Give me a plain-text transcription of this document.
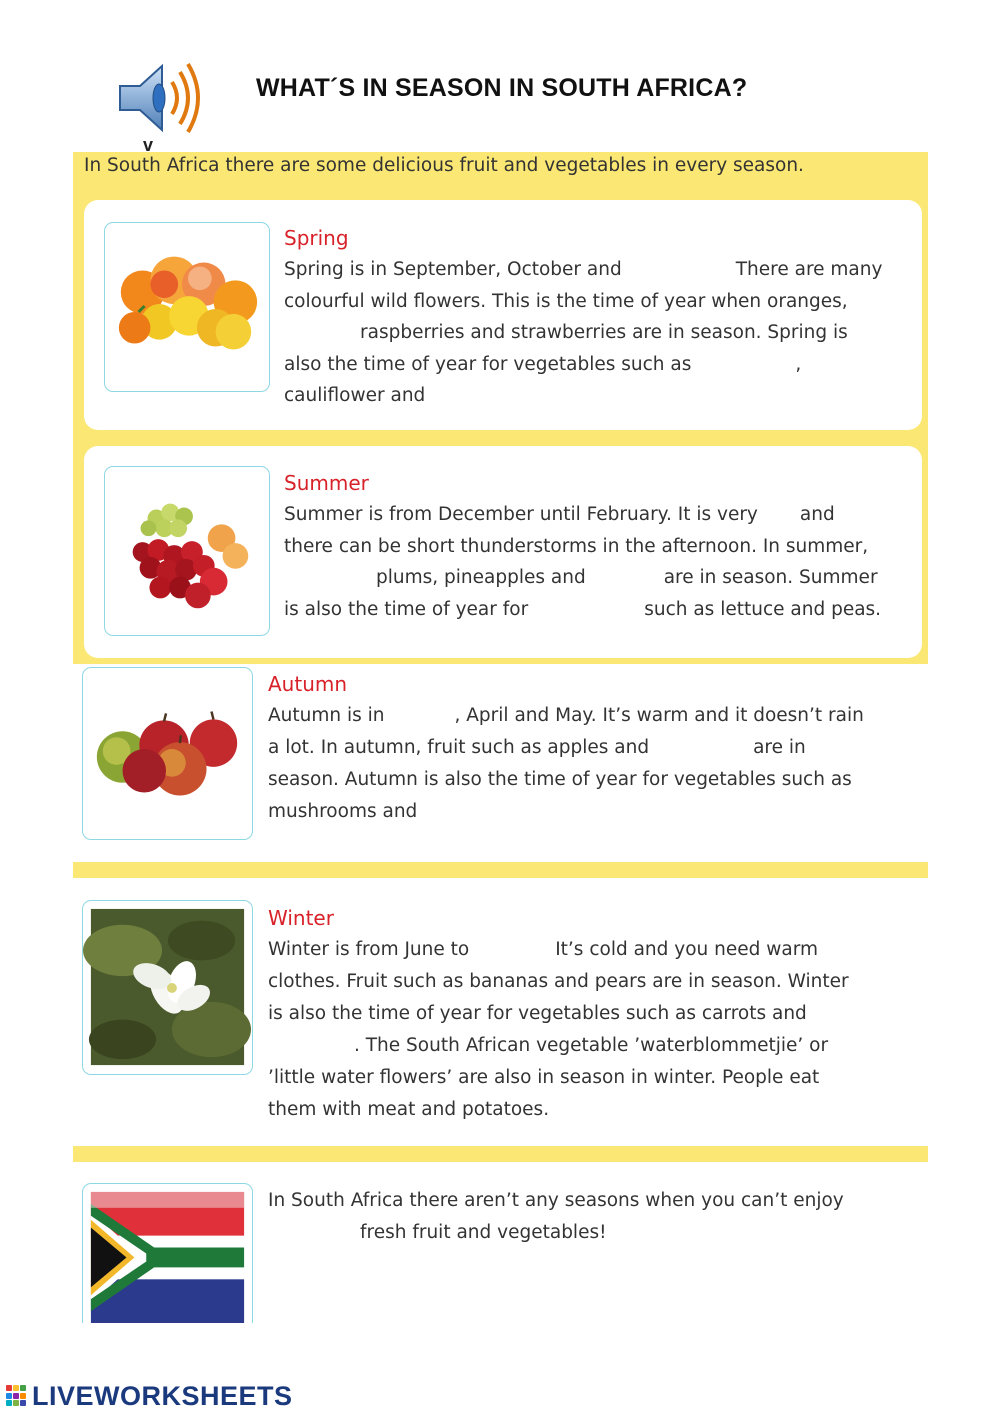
v
WHAT´S IN SEASON IN SOUTH AFRICA?
In South Africa there are some delicious fruit and vegetables in every season.
Spring
Spring is in September, October and	There are many
colourful wild flowers. This is the time of year when oranges,
raspberries and strawberries are in season. Spring is
also the time of year for vegetables such as	,
cauliflower and
Summer
Summer is from December until February. It is very and
there can be short thunderstorms in the afternoon. In summer,
plums, pineapples and	are in season. Summer
is also the time of year for	such as lettuce and peas.
Autumn
Autumn is in	, April and May. It’s warm and it doesn’t rain
a lot. In autumn, fruit such as apples and	are in
season. Autumn is also the time of year for vegetables such as
mushrooms and
Winter
Winter is from June to	It’s cold and you need warm
clothes. Fruit such as bananas and pears are in season. Winter
is also the time of year for vegetables such as carrots and
. The South African vegetable ’waterblommetjie’ or
’little water flowers’ are also in season in winter. People eat
them with meat and potatoes.
In South Africa there aren’t any seasons when you can’t enjoy
fresh fruit and vegetables!
LIVEWORKSHEETS
